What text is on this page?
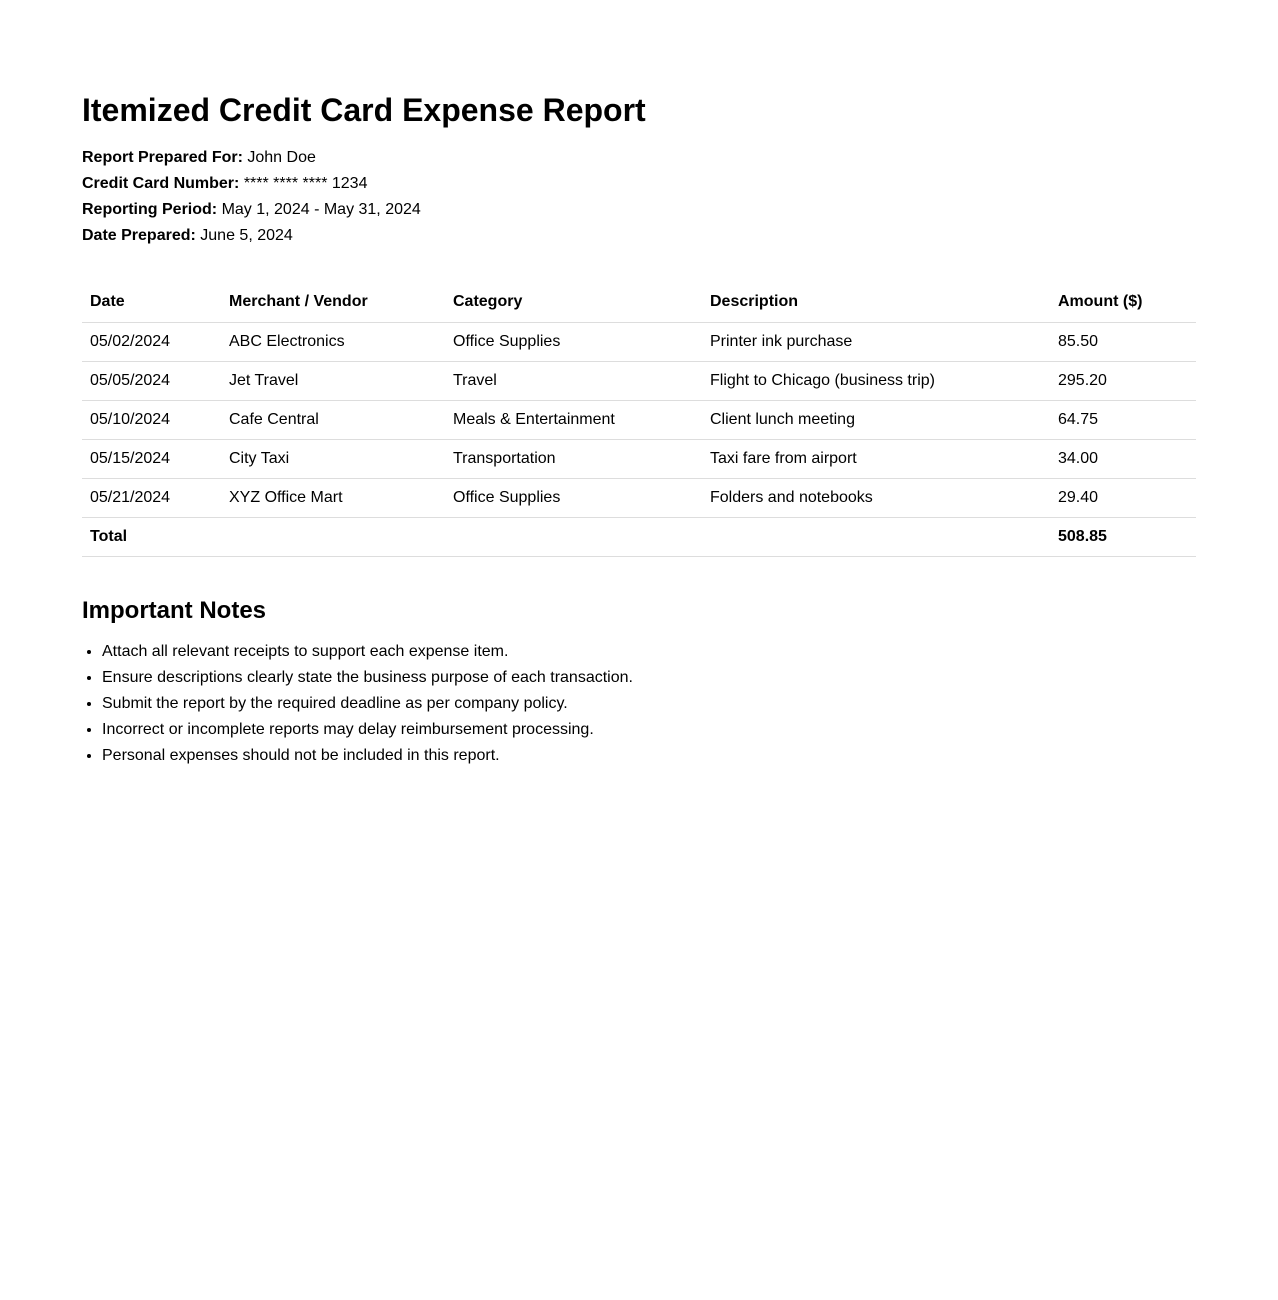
Itemized Credit Card Expense Report
Report Prepared For: John Doe
Credit Card Number: **** **** **** 1234
Reporting Period: May 1, 2024 - May 31, 2024
Date Prepared: June 5, 2024
Date	Merchant / Vendor	Category	Description	Amount ($)
05/02/2024	ABC Electronics	Office Supplies	Printer ink purchase	85.50
05/05/2024	Jet Travel	Travel	Flight to Chicago (business trip)	295.20
05/10/2024	Cafe Central	Meals & Entertainment	Client lunch meeting	64.75
05/15/2024	City Taxi	Transportation	Taxi fare from airport	34.00
05/21/2024	XYZ Office Mart	Office Supplies	Folders and notebooks	29.40
Total				508.85
Important Notes
• Attach all relevant receipts to support each expense item.
• Ensure descriptions clearly state the business purpose of each transaction.
• Submit the report by the required deadline as per company policy.
• Incorrect or incomplete reports may delay reimbursement processing.
• Personal expenses should not be included in this report.
